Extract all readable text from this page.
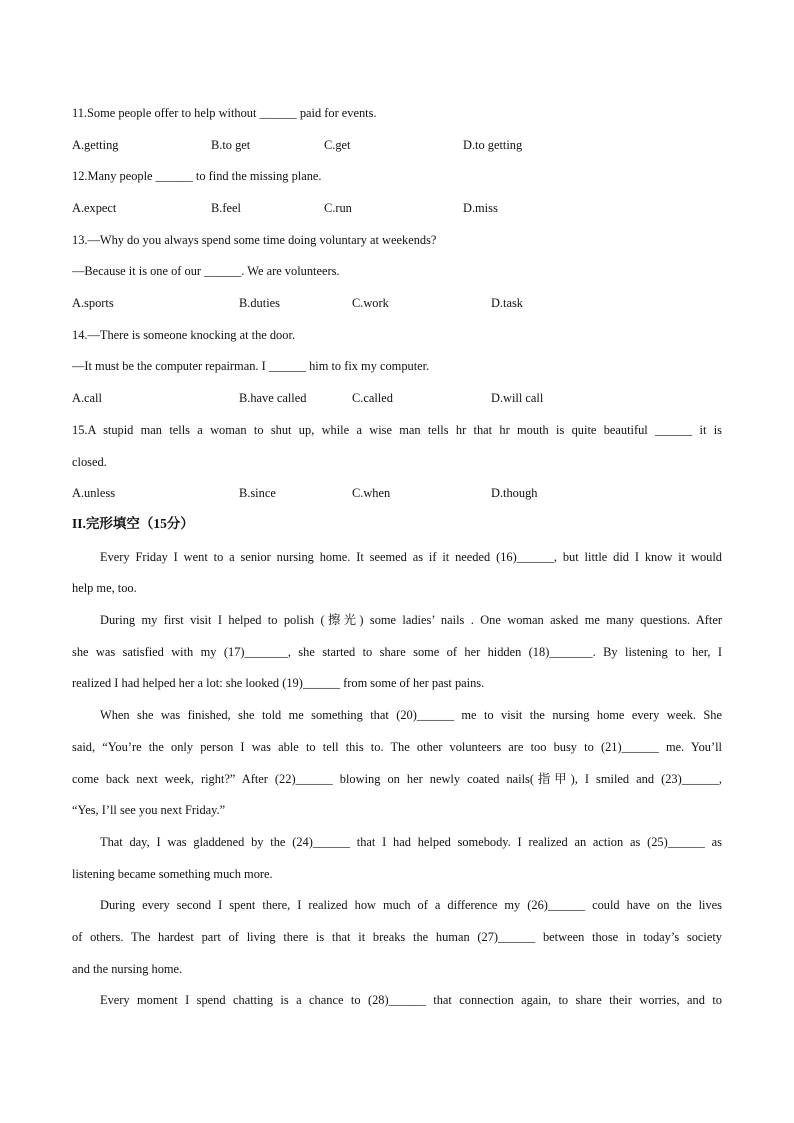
11.Some people offer to help without ______ paid for events.
A.getting	B.to get	C.get	D.to getting
12.Many people ______ to find the missing plane.
A.expect	B.feel	C.run	D.miss
13.—Why do you always spend some time doing voluntary at weekends?
—Because it is one of our ______. We are volunteers.
A.sports	B.duties	C.work	D.task
14.—There is someone knocking at the door.
—It must be the computer repairman. I ______ him to fix my computer.
A.call	B.have called	C.called	D.will call
15.A stupid man tells a woman to shut up, while a wise man tells hr that hr mouth is quite beautiful ______ it is
closed.
A.unless	B.since	C.when	D.though
II.完形填空（15分）
Every Friday I went to a senior nursing home. It seemed as if it needed (16)______, but little did I know it would
help me, too.
During my first visit I helped to polish (擦光) some ladies’ nails . One woman asked me many questions. After
she was satisfied with my (17)_______, she started to share some of her hidden (18)_______. By listening to her, I
realized I had helped her a lot: she looked (19)______ from some of her past pains.
When she was finished, she told me something that (20)______ me to visit the nursing home every week. She
said, “You’re the only person I was able to tell this to. The other volunteers are too busy to (21)______ me. You’ll
come back next week, right?” After (22)______ blowing on her newly coated nails(指甲), I smiled and (23)______,
“Yes, I’ll see you next Friday.”
That day, I was gladdened by the (24)______ that I had helped somebody. I realized an action as (25)______ as
listening became something much more.
During every second I spent there, I realized how much of a difference my (26)______ could have on the lives
of others. The hardest part of living there is that it breaks the human (27)______ between those in today’s society
and the nursing home.
Every moment I spend chatting is a chance to (28)______ that connection again, to share their worries, and to
